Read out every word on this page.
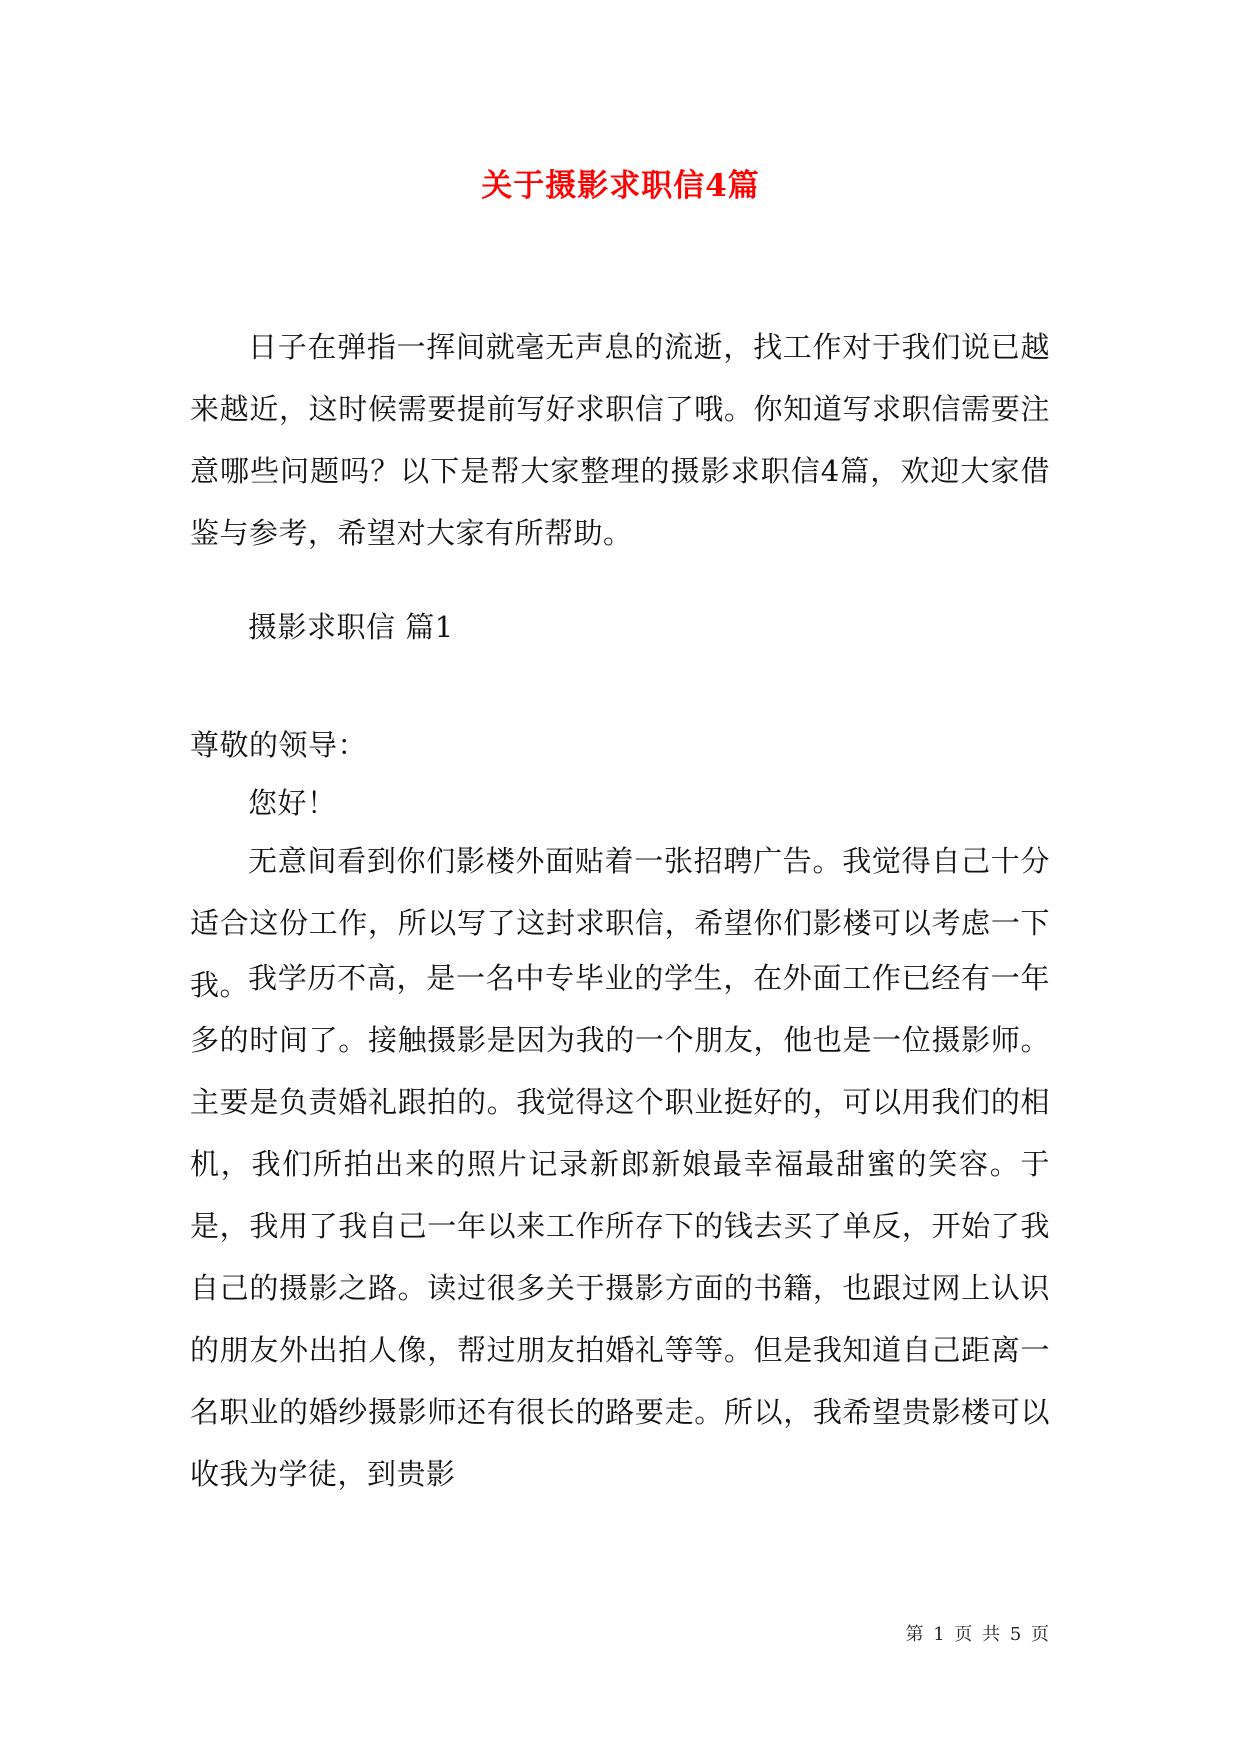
关于摄影求职信4篇
日子在弹指一挥间就毫无声息的流逝，找工作对于我们说已越来越近，这时候需要提前写好求职信了哦。你知道写求职信需要注意哪些问题吗？以下是帮大家整理的摄影求职信4篇，欢迎大家借鉴与参考，希望对大家有所帮助。
摄影求职信 篇1
尊敬的领导：
您好！
无意间看到你们影楼外面贴着一张招聘广告。我觉得自己十分适合这份工作，所以写了这封求职信，希望你们影楼可以考虑一下我。
我学历不高，是一名中专毕业的学生，在外面工作已经有一年多的时间了。接触摄影是因为我的一个朋友，他也是一位摄影师。主要是负责婚礼跟拍的。我觉得这个职业挺好的，可以用我们的相机，我们所拍出来的照片记录新郎新娘最幸福最甜蜜的笑容。于是，我用了我自己一年以来工作所存下的钱去买了单反，开始了我自己的摄影之路。读过很多关于摄影方面的书籍，也跟过网上认识的朋友外出拍人像，帮过朋友拍婚礼等等。但是我知道自己距离一名职业的婚纱摄影师还有很长的路要走。所以，我希望贵影楼可以收我为学徒，到贵影
第 1 页 共 5 页
